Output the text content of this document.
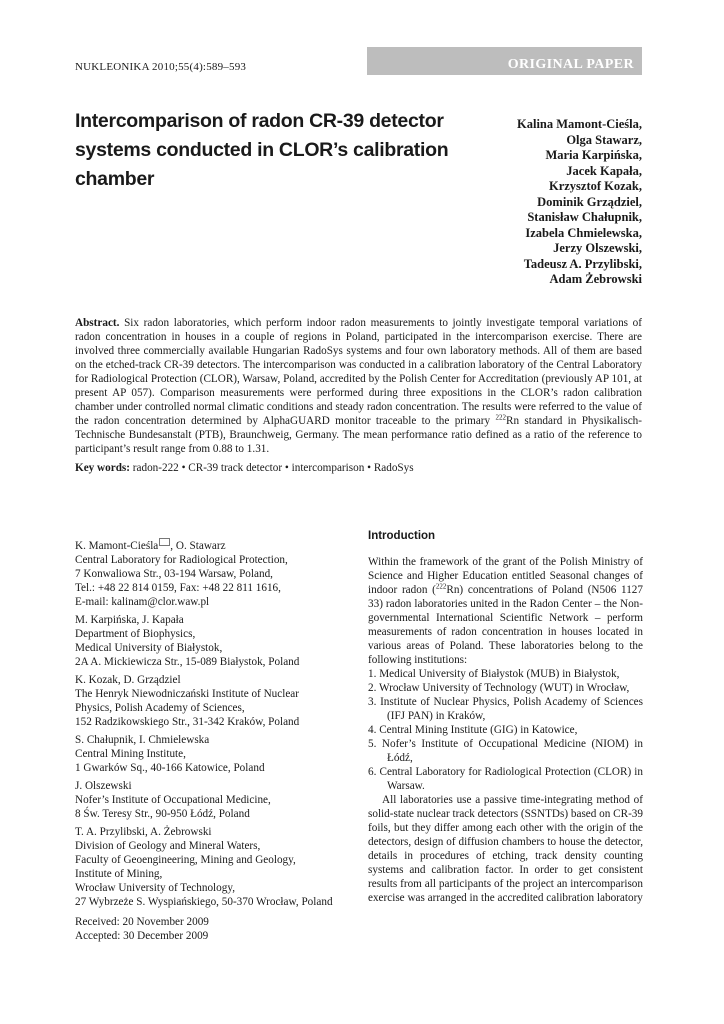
NUKLEONIKA 2010;55(4):589–593	ORIGINAL PAPER
Intercomparison of radon CR-39 detector systems conducted in CLOR’s calibration chamber
Kalina Mamont-Cieśla,
Olga Stawarz,
Maria Karpińska,
Jacek Kapała,
Krzysztof Kozak,
Dominik Grządziel,
Stanisław Chałupnik,
Izabela Chmielewska,
Jerzy Olszewski,
Tadeusz A. Przylibski,
Adam Żebrowski
Abstract. Six radon laboratories, which perform indoor radon measurements to jointly investigate temporal variations of radon concentration in houses in a couple of regions in Poland, participated in the intercomparison exercise. There are involved three commercially available Hungarian RadoSys systems and four own laboratory methods. All of them are based on the etched-track CR-39 detectors. The intercomparison was conducted in a calibration laboratory of the Central Laboratory for Radiological Protection (CLOR), Warsaw, Poland, accredited by the Polish Center for Accreditation (previously AP 101, at present AP 057). Comparison measurements were performed during three expositions in the CLOR’s radon calibration chamber under controlled normal climatic conditions and steady radon concentration. The results were referred to the value of the radon concentration determined by AlphaGUARD monitor traceable to the primary $^{222}$Rn standard in Physikalisch-Technische Bundesanstalt (PTB), Braunchweig, Germany. The mean performance ratio defined as a ratio of the reference to participant’s result range from 0.88 to 1.31.
Key words: radon-222 • CR-39 track detector • intercomparison • RadoSys
K. Mamont-Cieśla , O. Stawarz
Central Laboratory for Radiological Protection,
7 Konwaliowa Str., 03-194 Warsaw, Poland,
Tel.: +48 22 814 0159, Fax: +48 22 811 1616,
E-mail: kalinam@clor.waw.pl
M. Karpińska, J. Kapała
Department of Biophysics,
Medical University of Białystok,
2A A. Mickiewicza Str., 15-089 Białystok, Poland
K. Kozak, D. Grządziel
The Henryk Niewodniczański Institute of Nuclear
Physics, Polish Academy of Sciences,
152 Radzikowskiego Str., 31-342 Kraków, Poland
S. Chałupnik, I. Chmielewska
Central Mining Institute,
1 Gwarków Sq., 40-166 Katowice, Poland
J. Olszewski
Nofer’s Institute of Occupational Medicine,
8 Św. Teresy Str., 90-950 Łódź, Poland
T. A. Przylibski, A. Żebrowski
Division of Geology and Mineral Waters,
Faculty of Geoengineering, Mining and Geology,
Institute of Mining,
Wrocław University of Technology,
27 Wybrzeże S. Wyspiańskiego, 50-370 Wrocław, Poland
Received: 20 November 2009
Accepted: 30 December 2009
Introduction

Within the framework of the grant of the Polish Ministry of Science and Higher Education entitled Seasonal changes of indoor radon ($^{222}$Rn) concentrations of Poland (N506 1127 33) radon laboratories united in the Radon Center – the Non-governmental International Scientific Network – perform measurements of radon concentration in houses located in various areas of Poland. These laboratories belong to the following institutions:

1. Medical University of Białystok (MUB) in Białystok,
2. Wrocław University of Technology (WUT) in Wrocław,
3. Institute of Nuclear Physics, Polish Academy of Sciences (IFJ PAN) in Kraków,
4. Central Mining Institute (GIG) in Katowice,
5. Nofer’s Institute of Occupational Medicine (NIOM) in Łódź,
6. Central Laboratory for Radiological Protection (CLOR) in Warsaw.

All laboratories use a passive time-integrating method of solid-state nuclear track detectors (SSNTDs) based on CR-39 foils, but they differ among each other with the origin of the detectors, design of diffusion chambers to house the detector, details in procedures of etching, track density counting systems and calibration factor. In order to get consistent results from all participants of the project an intercomparison exercise was arranged in the accredited calibration laboratory
